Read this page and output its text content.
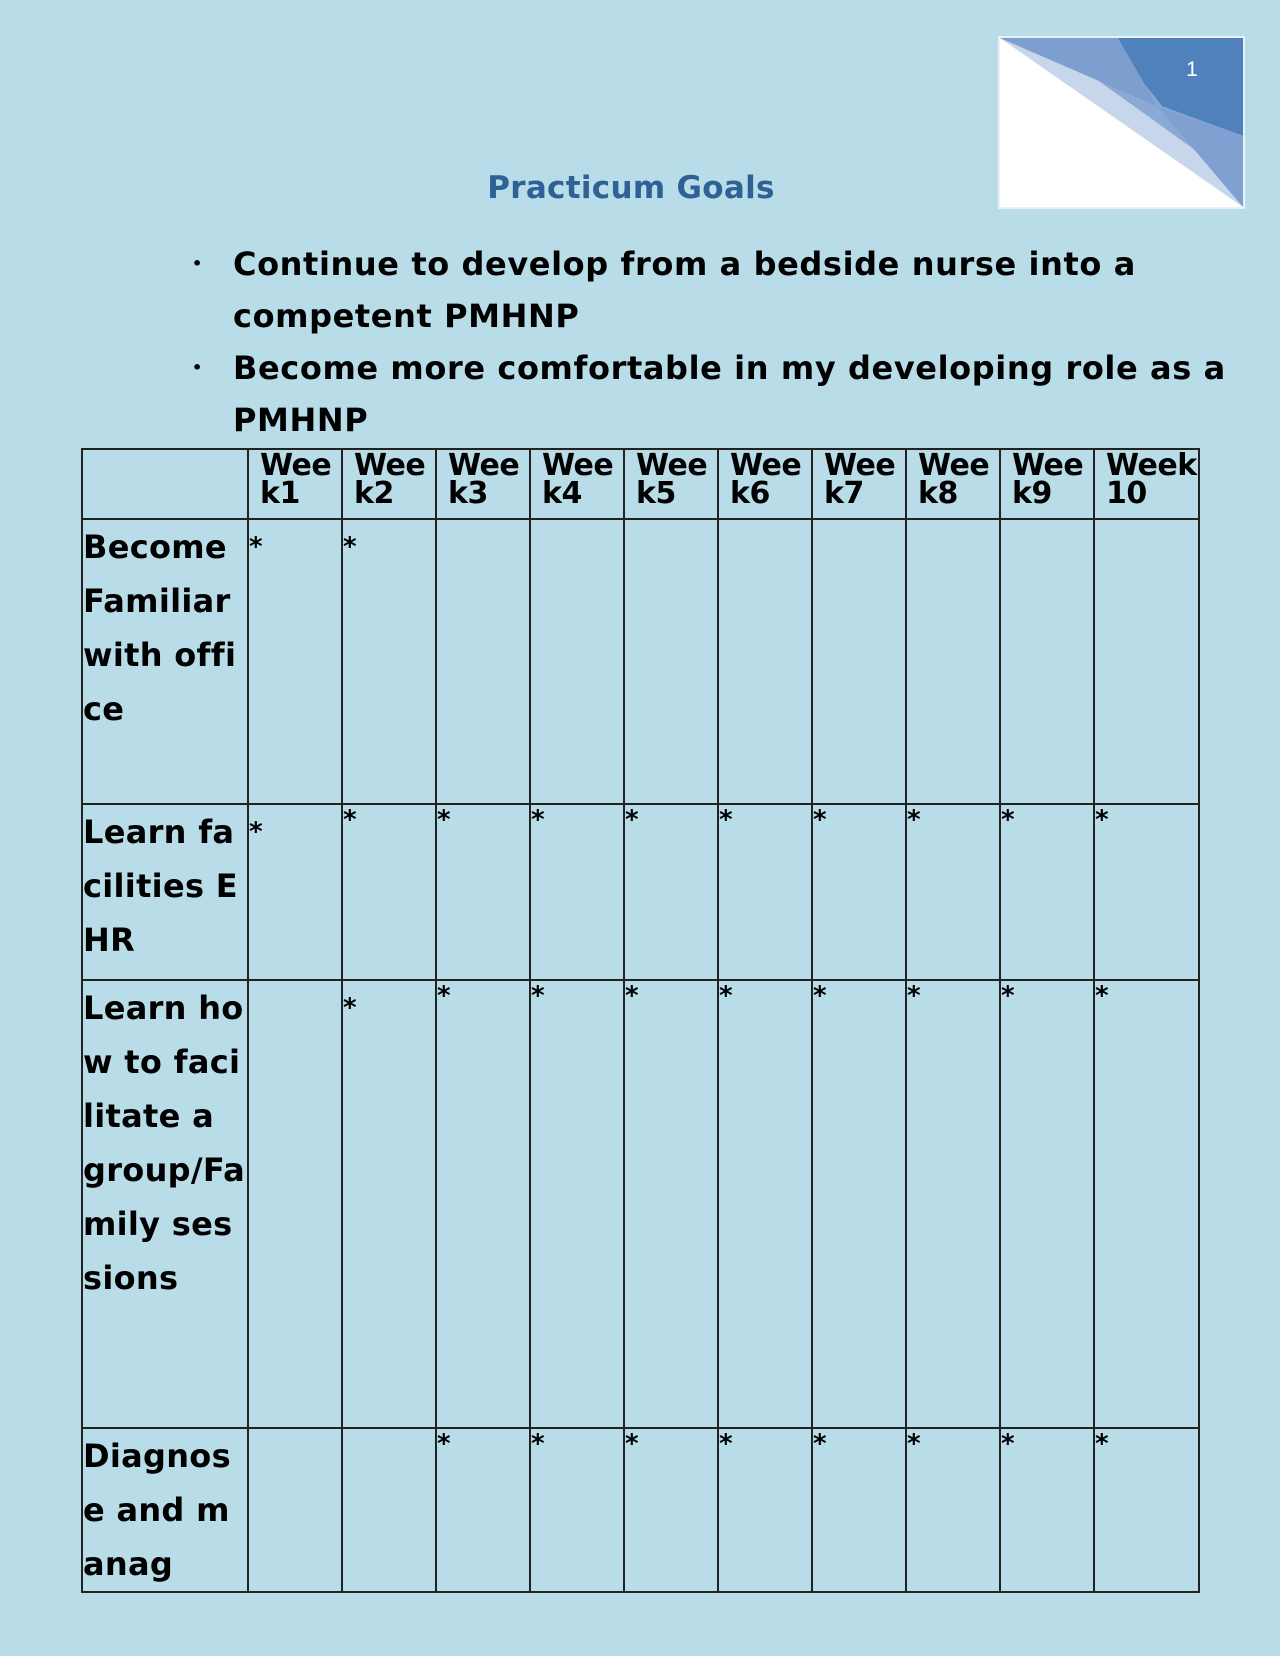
1
Practicum Goals
• Continue to develop from a bedside nurse into a competent PMHNP
• Become more comfortable in my developing role as a PMHNP
	Week1	Week2	Week3	Week4	Week5	Week6	Week7	Week8	Week9	Week10
Become Familiar with office	*	*								
Learn facilities EHR	*	*	*	*	*	*	*	*	*	*
Learn how to facilitate a group/Family sessions		*	*	*	*	*	*	*	*	*
Diagnose and manag			*	*	*	*	*	*	*	*
